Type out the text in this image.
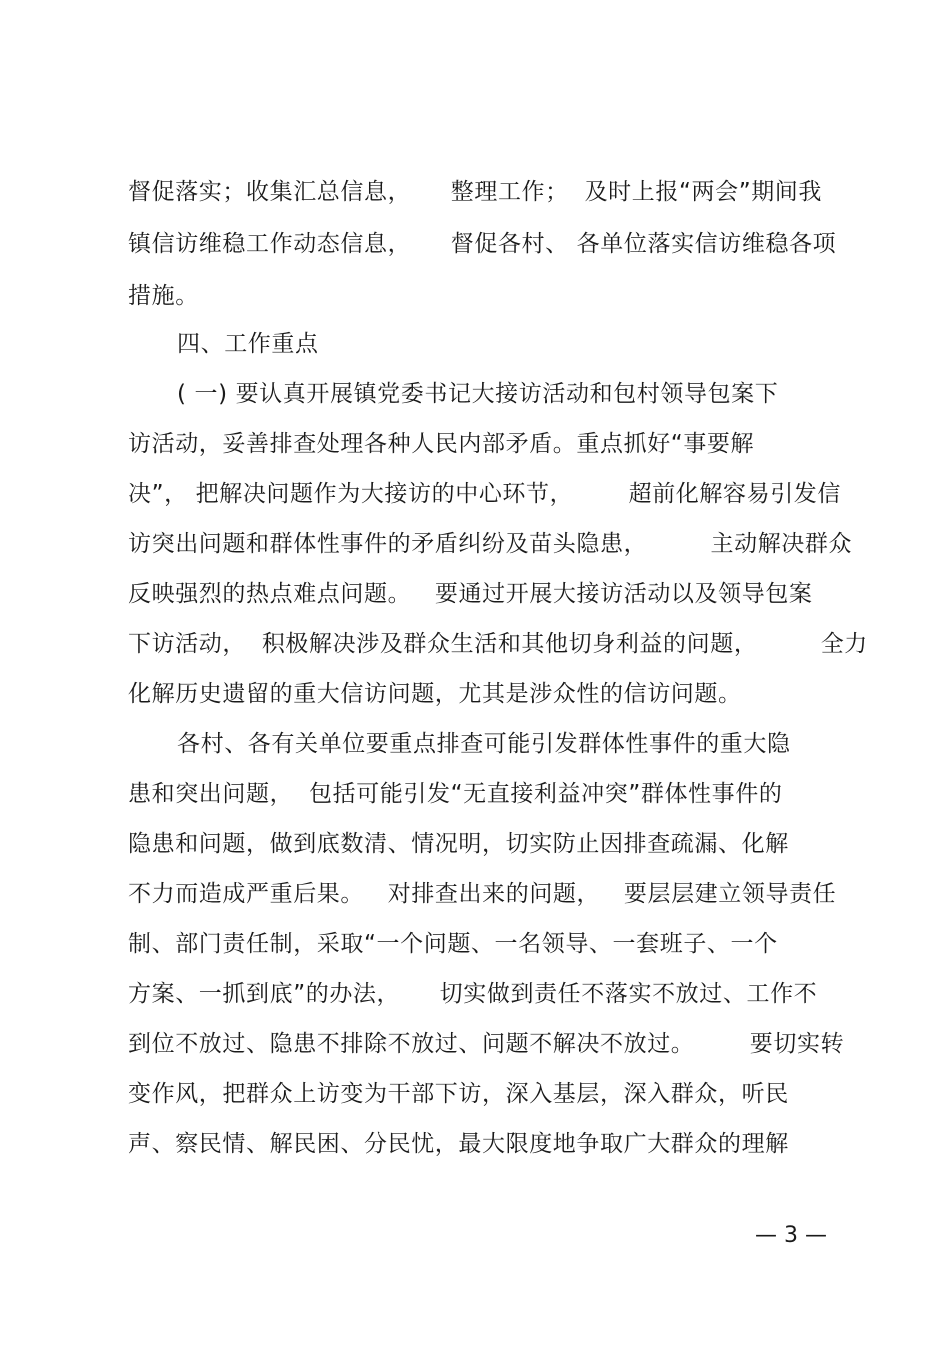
督促落实；收集汇总信息，     整理工作；  及时上报“两会”期间我
镇信访维稳工作动态信息，     督促各村、 各单位落实信访维稳各项
措施。
四、工作重点
( 一) 要认真开展镇党委书记大接访活动和包村领导包案下
访活动，妥善排查处理各种人民内部矛盾。重点抓好“事要解
决”， 把解决问题作为大接访的中心环节，       超前化解容易引发信
访突出问题和群体性事件的矛盾纠纷及苗头隐患，        主动解决群众
反映强烈的热点难点问题。   要通过开展大接访活动以及领导包案
下访活动，  积极解决涉及群众生活和其他切身利益的问题，        全力
化解历史遗留的重大信访问题，尤其是涉众性的信访问题。
各村、各有关单位要重点排查可能引发群体性事件的重大隐
患和突出问题，  包括可能引发“无直接利益冲突”群体性事件的
隐患和问题，做到底数清、情况明，切实防止因排查疏漏、化解
不力而造成严重后果。   对排查出来的问题，   要层层建立领导责任
制、部门责任制，采取“一个问题、一名领导、一套班子、一个
方案、一抓到底”的办法，     切实做到责任不落实不放过、工作不
到位不放过、隐患不排除不放过、问题不解决不放过。       要切实转
变作风，把群众上访变为干部下访，深入基层，深入群众，听民
声、察民情、解民困、分民忧，最大限度地争取广大群众的理解
— 3 —
